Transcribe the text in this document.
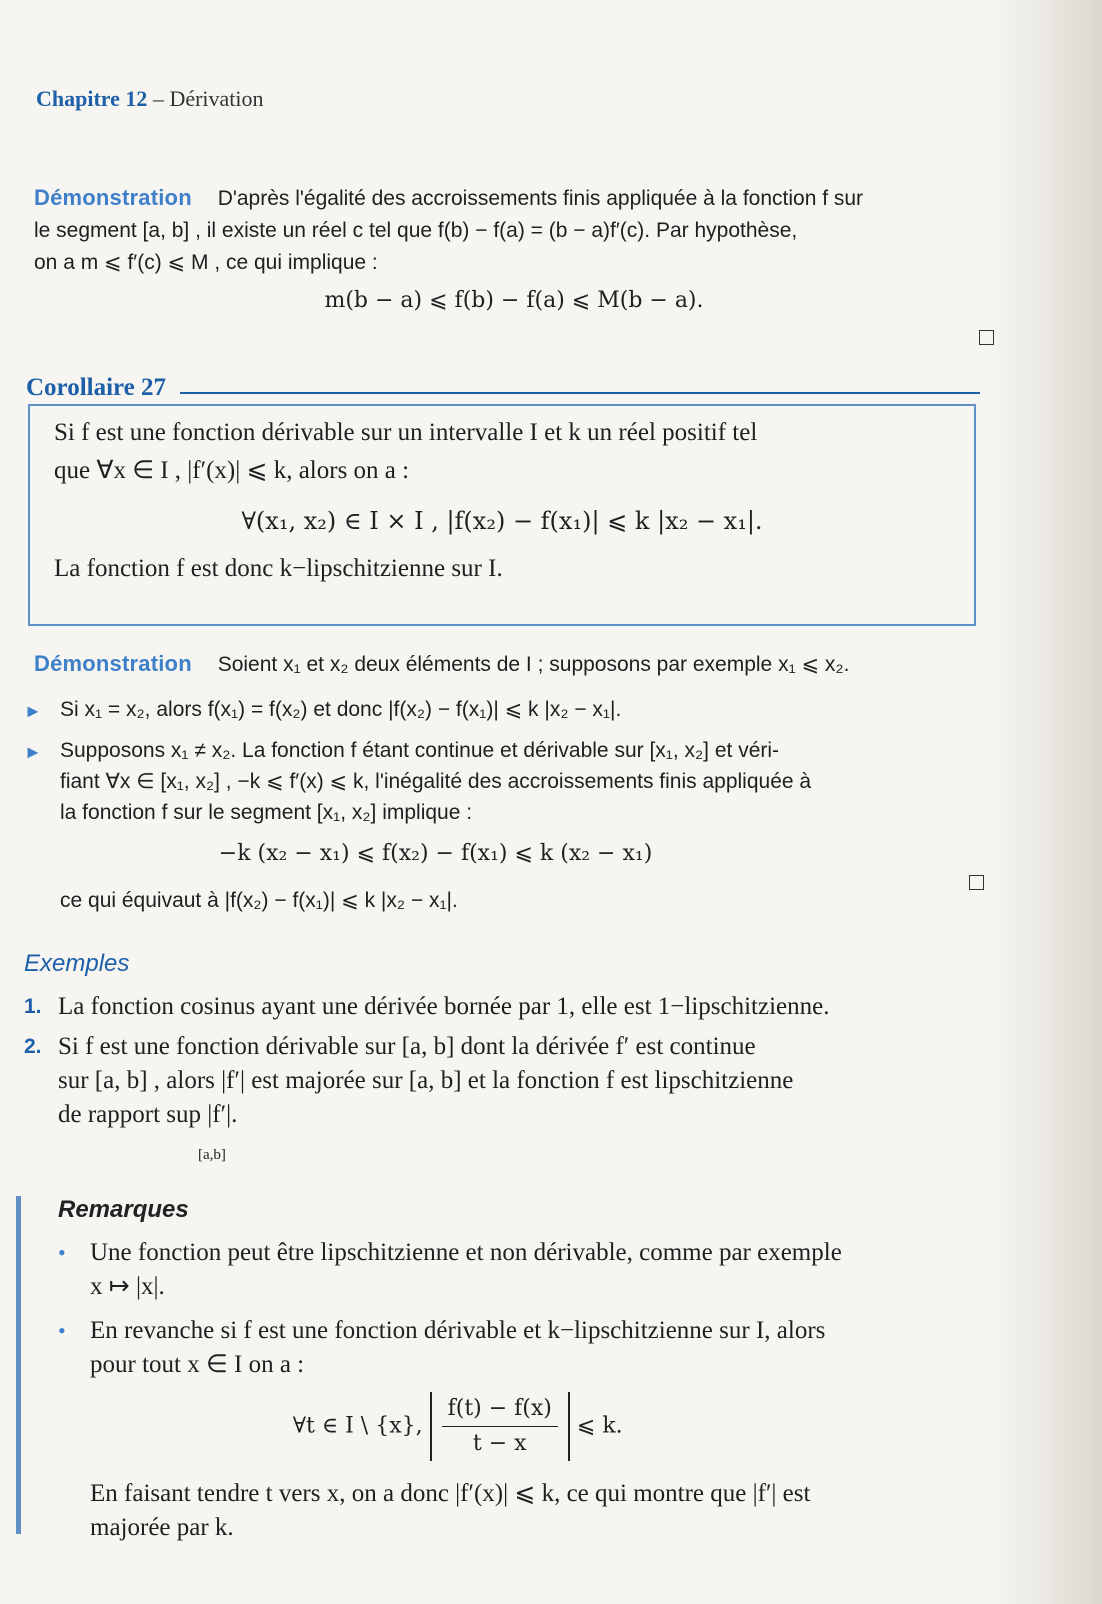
Chapitre 12 – Dérivation
Démonstration D'après l'égalité des accroissements finis appliquée à la fonction f sur
le segment [a, b] , il existe un réel c tel que f(b) − f(a) = (b − a)f′(c). Par hypothèse,
on a m ⩽ f′(c) ⩽ M , ce qui implique :
m(b − a) ⩽ f(b) − f(a) ⩽ M(b − a).
Corollaire 27
Si f est une fonction dérivable sur un intervalle I et k un réel positif tel
que ∀x ∈ I , |f′(x)| ⩽ k, alors on a :
∀(x₁, x₂) ∈ I × I , |f(x₂) − f(x₁)| ⩽ k |x₂ − x₁|.
La fonction f est donc k−lipschitzienne sur I.
Démonstration Soient x₁ et x₂ deux éléments de I ; supposons par exemple x₁ ⩽ x₂.
► Si x₁ = x₂, alors f(x₁) = f(x₂) et donc |f(x₂) − f(x₁)| ⩽ k |x₂ − x₁|.
► Supposons x₁ ≠ x₂. La fonction f étant continue et dérivable sur [x₁, x₂] et véri-
fiant ∀x ∈ [x₁, x₂] , −k ⩽ f′(x) ⩽ k, l'inégalité des accroissements finis appliquée à
la fonction f sur le segment [x₁, x₂] implique :
−k (x₂ − x₁) ⩽ f(x₂) − f(x₁) ⩽ k (x₂ − x₁)
ce qui équivaut à |f(x₂) − f(x₁)| ⩽ k |x₂ − x₁|.
Exemples
1. La fonction cosinus ayant une dérivée bornée par 1, elle est 1−lipschitzienne.
2. Si f est une fonction dérivable sur [a, b] dont la dérivée f′ est continue
sur [a, b] , alors |f′| est majorée sur [a, b] et la fonction f est lipschitzienne
de rapport sup |f′|.
[a,b]
Remarques
• Une fonction peut être lipschitzienne et non dérivable, comme par exemple
x ↦ |x|.
• En revanche si f est une fonction dérivable et k−lipschitzienne sur I, alors
pour tout x ∈ I on a :
∀t ∈ I \ {x}, $\frac{f(t) - f(x)}{t - x}$ ⩽ k.
En faisant tendre t vers x, on a donc |f′(x)| ⩽ k, ce qui montre que |f′| est
majorée par k.
